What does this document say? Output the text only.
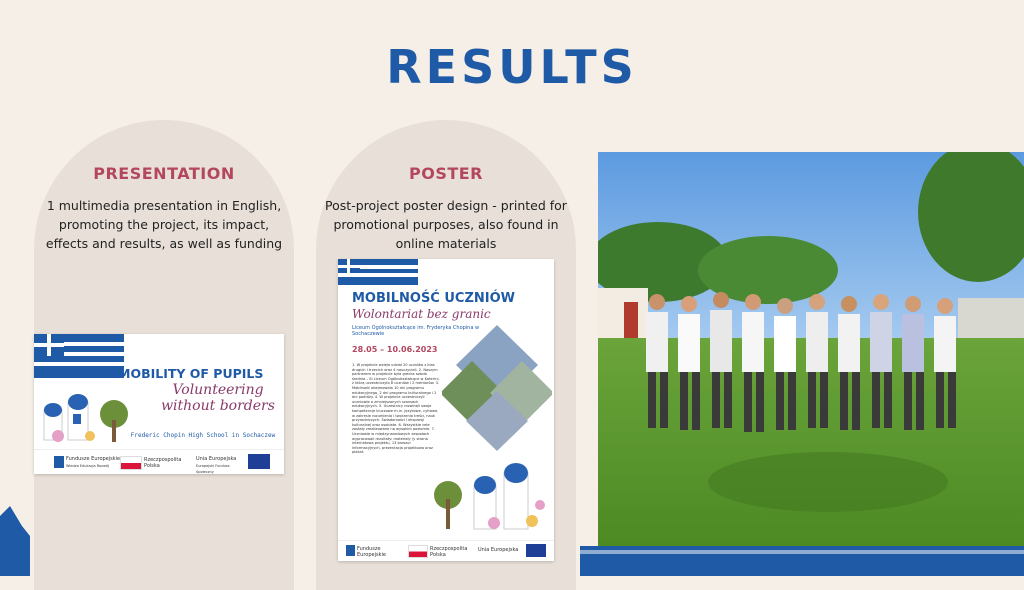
RESULTS
PRESENTATION

1 multimedia presentation in English, promoting the project, its impact, effects and results, as well as funding

MOBILITY OF PUPILS
Volunteering without borders
Frederic Chopin High School in Sochaczew
Fundusze Europejskie
Wiedza Edukacja Rozwój
Rzeczpospolita Polska
Unia Europejska
Europejski Fundusz Społeczny
POSTER

Post-project poster design - printed for promotional purposes, also found in online materials

MOBILNOŚĆ UCZNIÓW
Wolontariat bez granic
Liceum Ogólnokształcące im. Fryderyka Chopina w Sochaczewie
28.05 – 10.06.2023
1. W projekcie wzięło udział 20 uczniów z klas drugich i trzecich oraz 4 nauczycieli. 2. Naszym partnerem w projekcie była grecka szkoła średnia – III Liceum Ogólnokształcące w Katerini, z którą uczestniczyło 8 uczniów i 2 mentorów. 3. Mobilność obejmowała 10 dni programu edukacyjnego, 2 dni programu kulturalnego i 2 dni podróży. 4. W projekcie uczestniczyli uczniowie o zmniejszonych szansach edukacyjnych. 5. Uczestnicy rozwinęli swoje kompetencje kluczowe m.in. językowe, cyfrowe, w zakresie rozumienia i tworzenia treści, nauk przyrodniczych. Świadomości i ekspresji kulturalnej oraz osobiste. 6. Wszystkie cele zostały zrealizowane na wysokim poziomie. 7. Uczniowie w międzynarodowych zespołach wypracowali rezultaty: materiały (y strona internetowa projektu, 13 broszur informacyjnych, prezentacja projektowa oraz plakat.
Fundusze Europejskie
Rzeczpospolita Polska
Unia Europejska
